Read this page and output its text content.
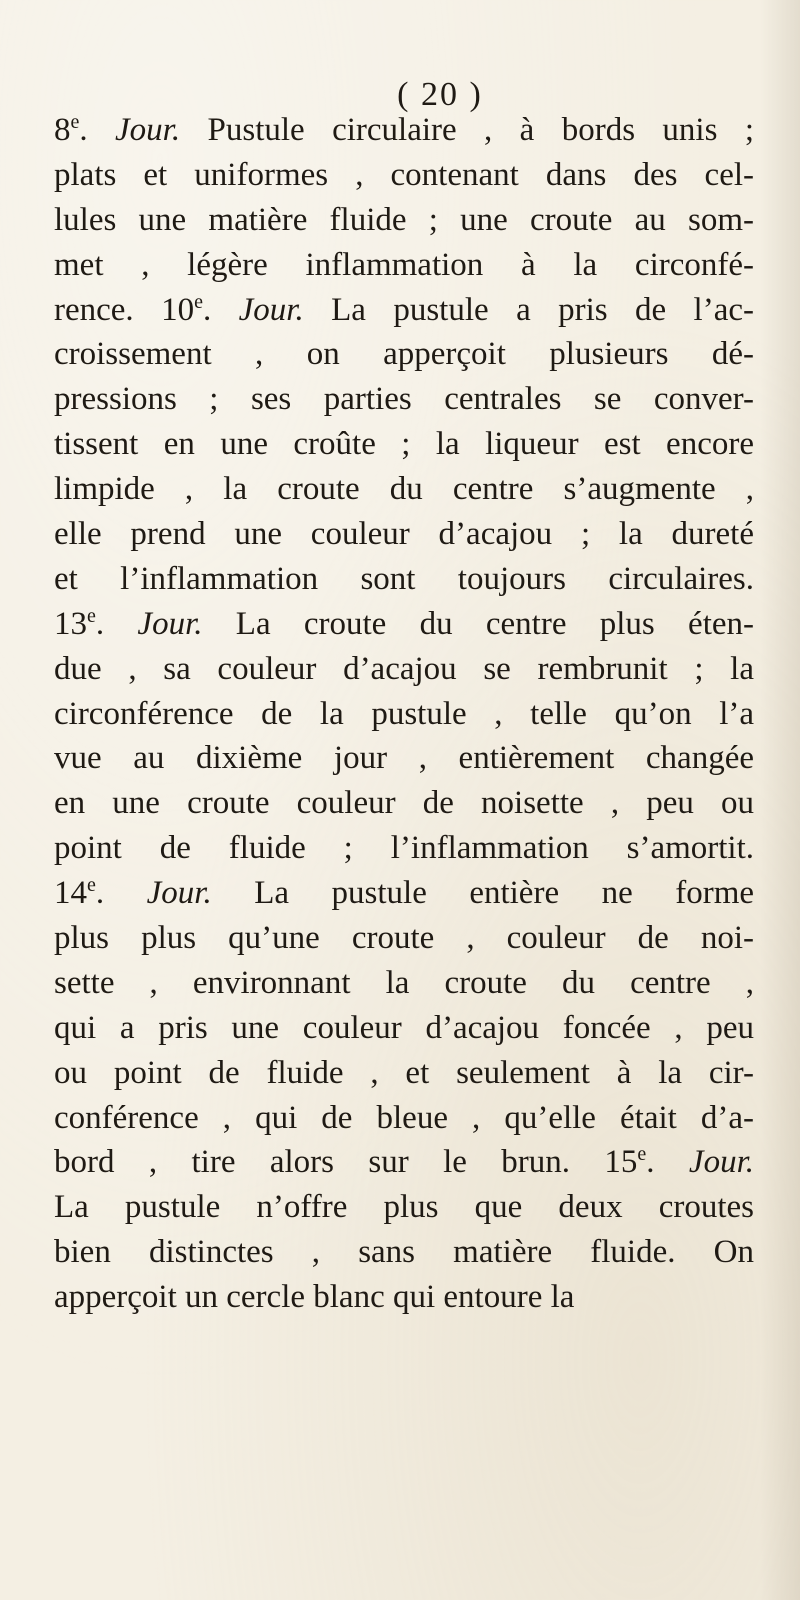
( 20 )
8e. Jour. Pustule circulaire , à bords unis ;
plats et uniformes , contenant dans des cel-
lules une matière fluide ; une croute au som-
met , légère inflammation à la circonfé-
rence. 10e. Jour. La pustule a pris de l’ac-
croissement , on apperçoit plusieurs dé-
pressions ; ses parties centrales se conver-
tissent en une croûte ; la liqueur est encore
limpide , la croute du centre s’augmente ,
elle prend une couleur d’acajou ; la dureté
et l’inflammation sont toujours circulaires.
13e. Jour. La croute du centre plus éten-
due , sa couleur d’acajou se rembrunit ; la
circonférence de la pustule , telle qu’on l’a
vue au dixième jour , entièrement changée
en une croute couleur de noisette , peu ou
point de fluide ; l’inflammation s’amortit.
14e. Jour. La pustule entière ne forme
plus plus qu’une croute , couleur de noi-
sette , environnant la croute du centre ,
qui a pris une couleur d’acajou foncée , peu
ou point de fluide , et seulement à la cir-
conférence , qui de bleue , qu’elle était d’a-
bord , tire alors sur le brun. 15e. Jour.
La pustule n’offre plus que deux croutes
bien distinctes , sans matière fluide. On
apperçoit un cercle blanc qui entoure la
